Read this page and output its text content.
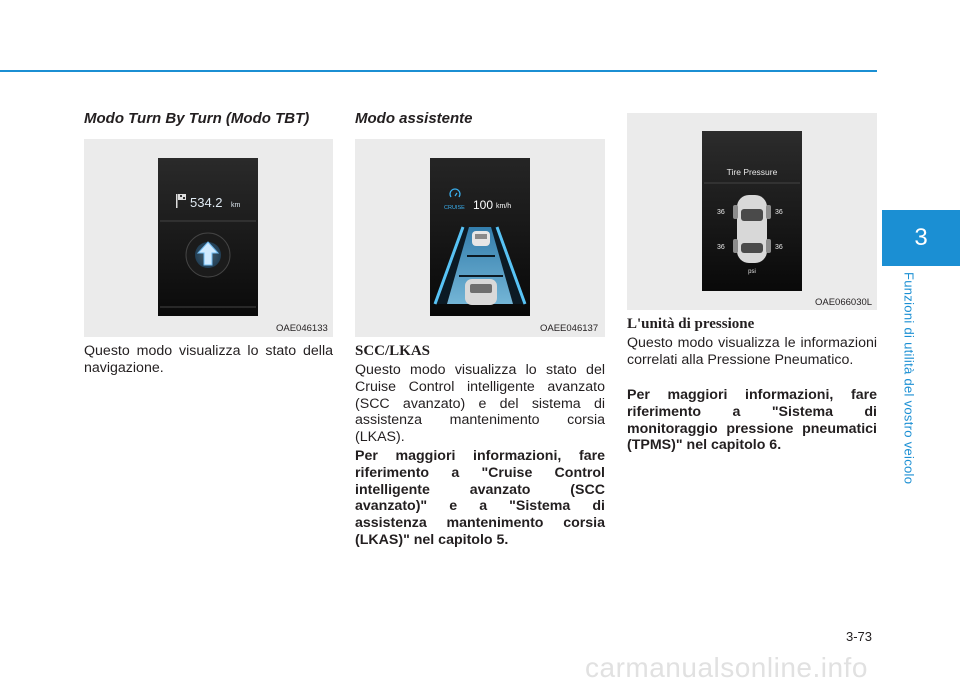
3
Funzioni di utilità del vostro veicolo
Modo Turn By Turn (Modo TBT)
534.2 km
OAE046133

Questo modo visualizza lo stato della navigazione.

Modo assistente
CRUISE 100 km/h
OAEE046137
SCC/LKAS

Questo modo visualizza lo stato del Cruise Control intelligente avanzato (SCC avanzato) e del sistema di assistenza mantenimento corsia (LKAS).

Per maggiori informazioni, fare riferimento a "Cruise Control intelligente avanzato (SCC avanzato)" e a "Sistema di assistenza mantenimento corsia (LKAS)" nel capitolo 5.

Tire Pressure
36	36
36	36
psi
OAE066030L
L'unità di pressione

Questo modo visualizza le informazioni correlati alla Pressione Pneumatico.

Per maggiori informazioni, fare riferimento a "Sistema di monitoraggio pressione pneumatici (TPMS)" nel capitolo 6.

3-73
carmanualsonline.info
